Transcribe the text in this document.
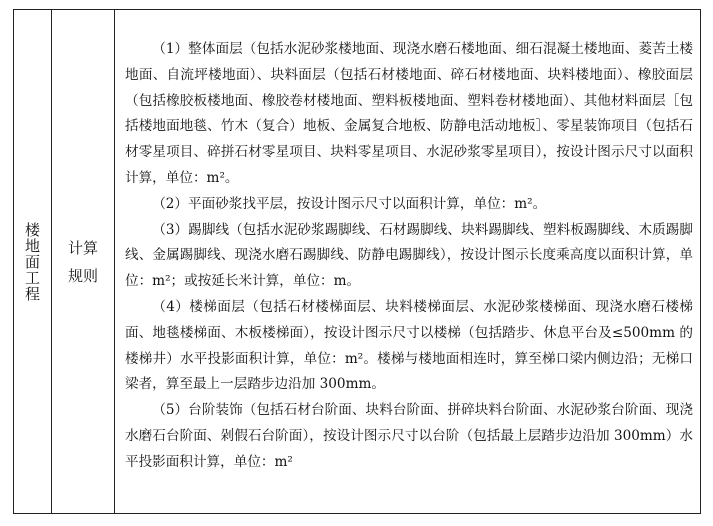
楼地面工程 计算规则

（1）整体面层（包括水泥砂浆楼地面、现浇水磨石楼地面、细石混凝土楼地面、菱苦土楼地面、自流坪楼地面）、块料面层（包括石材楼地面、碎石材楼地面、块料楼地面）、橡胶面层（包括橡胶板楼地面、橡胶卷材楼地面、塑料板楼地面、塑料卷材楼地面）、其他材料面层［包括楼地面地毯、竹木（复合）地板、金属复合地板、防静电活动地板］、零星装饰项目（包括石材零星项目、碎拼石材零星项目、块料零星项目、水泥砂浆零星项目），按设计图示尺寸以面积计算，单位：m²。

（2）平面砂浆找平层，按设计图示尺寸以面积计算，单位：m²。

（3）踢脚线（包括水泥砂浆踢脚线、石材踢脚线、块料踢脚线、塑料板踢脚线、木质踢脚线、金属踢脚线、现浇水磨石踢脚线、防静电踢脚线），按设计图示长度乘高度以面积计算，单位：m²；或按延长米计算，单位：m。

（4）楼梯面层（包括石材楼梯面层、块料楼梯面层、水泥砂浆楼梯面、现浇水磨石楼梯面、地毯楼梯面、木板楼梯面），按设计图示尺寸以楼梯（包括踏步、休息平台及≤500mm 的楼梯井）水平投影面积计算，单位：m²。楼梯与楼地面相连时，算至梯口梁内侧边沿；无梯口梁者，算至最上一层踏步边沿加 300mm。

（5）台阶装饰（包括石材台阶面、块料台阶面、拼碎块料台阶面、水泥砂浆台阶面、现浇水磨石台阶面、剁假石台阶面），按设计图示尺寸以台阶（包括最上层踏步边沿加 300mm）水平投影面积计算，单位：m²
